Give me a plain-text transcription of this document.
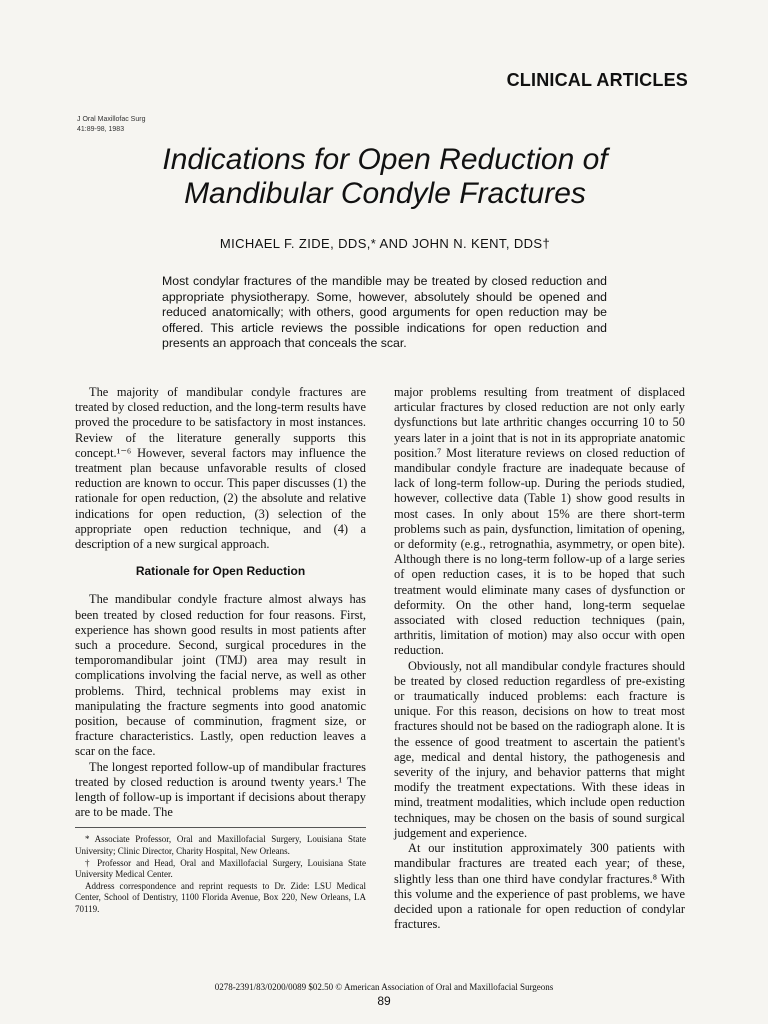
CLINICAL ARTICLES
J Oral Maxillofac Surg
41:89-98, 1983
Indications for Open Reduction of Mandibular Condyle Fractures
MICHAEL F. ZIDE, DDS,* AND JOHN N. KENT, DDS†

Most condylar fractures of the mandible may be treated by closed reduction and appropriate physiotherapy. Some, however, absolutely should be opened and reduced anatomically; with others, good arguments for open reduction may be offered. This article reviews the possible indications for open reduction and presents an approach that conceals the scar.

The majority of mandibular condyle fractures are treated by closed reduction, and the long-term results have proved the procedure to be satisfactory in most instances. Review of the literature generally supports this concept.¹⁻⁶ However, several factors may influence the treatment plan because unfavorable results of closed reduction are known to occur. This paper discusses (1) the rationale for open reduction, (2) the absolute and relative indications for open reduction, (3) selection of the appropriate open reduction technique, and (4) a description of a new surgical approach.

Rationale for Open Reduction

The mandibular condyle fracture almost always has been treated by closed reduction for four reasons. First, experience has shown good results in most patients after such a procedure. Second, surgical procedures in the temporomandibular joint (TMJ) area may result in complications involving the facial nerve, as well as other problems. Third, technical problems may exist in manipulating the fracture segments into good anatomic position, because of comminution, fragment size, or fracture characteristics. Lastly, open reduction leaves a scar on the face.

The longest reported follow-up of mandibular fractures treated by closed reduction is around twenty years.¹ The length of follow-up is important if decisions about therapy are to be made. The

* Associate Professor, Oral and Maxillofacial Surgery, Louisiana State University; Clinic Director, Charity Hospital, New Orleans.

† Professor and Head, Oral and Maxillofacial Surgery, Louisiana State University Medical Center.

Address correspondence and reprint requests to Dr. Zide: LSU Medical Center, School of Dentistry, 1100 Florida Avenue, Box 220, New Orleans, LA 70119.

major problems resulting from treatment of displaced articular fractures by closed reduction are not only early dysfunctions but late arthritic changes occurring 10 to 50 years later in a joint that is not in its appropriate anatomic position.⁷ Most literature reviews on closed reduction of mandibular condyle fracture are inadequate because of lack of long-term follow-up. During the periods studied, however, collective data (Table 1) show good results in most cases. In only about 15% are there short-term problems such as pain, dysfunction, limitation of opening, or deformity (e.g., retrognathia, asymmetry, or open bite). Although there is no long-term follow-up of a large series of open reduction cases, it is to be hoped that such treatment would eliminate many cases of dysfunction or deformity. On the other hand, long-term sequelae associated with closed reduction techniques (pain, arthritis, limitation of motion) may also occur with open reduction.

Obviously, not all mandibular condyle fractures should be treated by closed reduction regardless of pre-existing or traumatically induced problems: each fracture is unique. For this reason, decisions on how to treat most fractures should not be based on the radiograph alone. It is the essence of good treatment to ascertain the patient's age, medical and dental history, the pathogenesis and severity of the injury, and behavior patterns that might modify the treatment expectations. With these ideas in mind, treatment modalities, which include open reduction techniques, may be chosen on the basis of sound surgical judgement and experience.

At our institution approximately 300 patients with mandibular fractures are treated each year; of these, slightly less than one third have condylar fractures.⁸ With this volume and the experience of past problems, we have decided upon a rationale for open reduction of condylar fractures.

0278-2391/83/0200/0089 $02.50 © American Association of Oral and Maxillofacial Surgeons
89
